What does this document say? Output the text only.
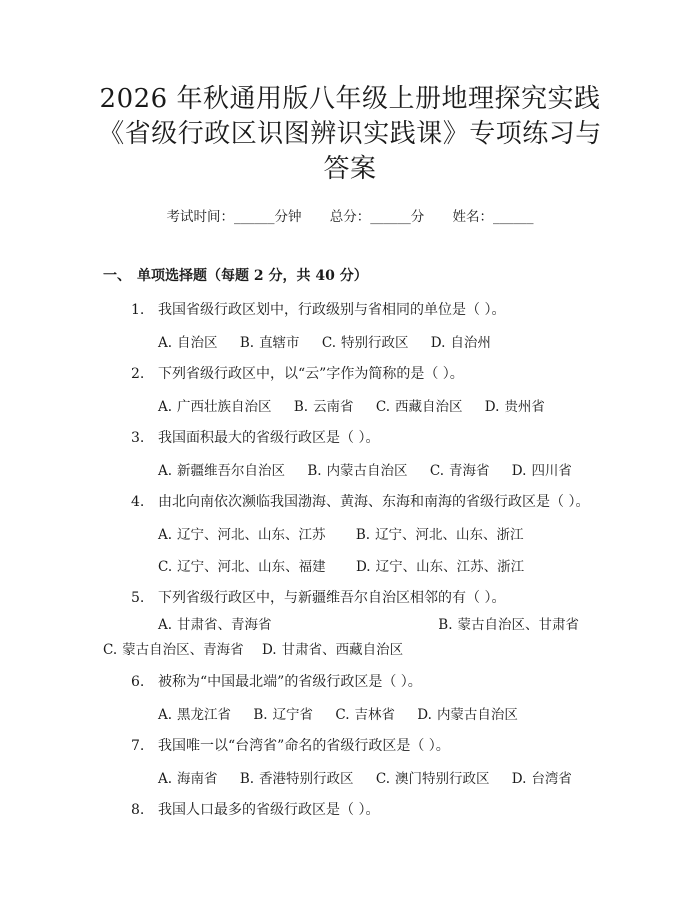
2026 年秋通用版八年级上册地理探究实践
《省级行政区识图辨识实践课》专项练习与
答案
考试时间：______分钟 总分：______分 姓名：______
一、 单项选择题（每题 2 分，共 40 分）
1. 我国省级行政区划中，行政级别与省相同的单位是（ ）。
A. 自治区 B. 直辖市 C. 特别行政区 D. 自治州
2. 下列省级行政区中，以“云”字作为简称的是（ ）。
A. 广西壮族自治区 B. 云南省 C. 西藏自治区 D. 贵州省
3. 我国面积最大的省级行政区是（ ）。
A. 新疆维吾尔自治区 B. 内蒙古自治区 C. 青海省 D. 四川省
4. 由北向南依次濒临我国渤海、黄海、东海和南海的省级行政区是（ ）。
A. 辽宁、河北、山东、江苏 B. 辽宁、河北、山东、浙江
C. 辽宁、河北、山东、福建 D. 辽宁、山东、江苏、浙江
5. 下列省级行政区中，与新疆维吾尔自治区相邻的有（ ）。
A. 甘肃省、青海省	B. 蒙古自治区、甘肃省 C. 蒙古自治区、青海省 D. 甘肃省、西藏自治区
6. 被称为“中国最北端”的省级行政区是（ ）。
A. 黑龙江省 B. 辽宁省 C. 吉林省 D. 内蒙古自治区
7. 我国唯一以“台湾省”命名的省级行政区是（ ）。
A. 海南省 B. 香港特别行政区 C. 澳门特别行政区 D. 台湾省
8. 我国人口最多的省级行政区是（ ）。
